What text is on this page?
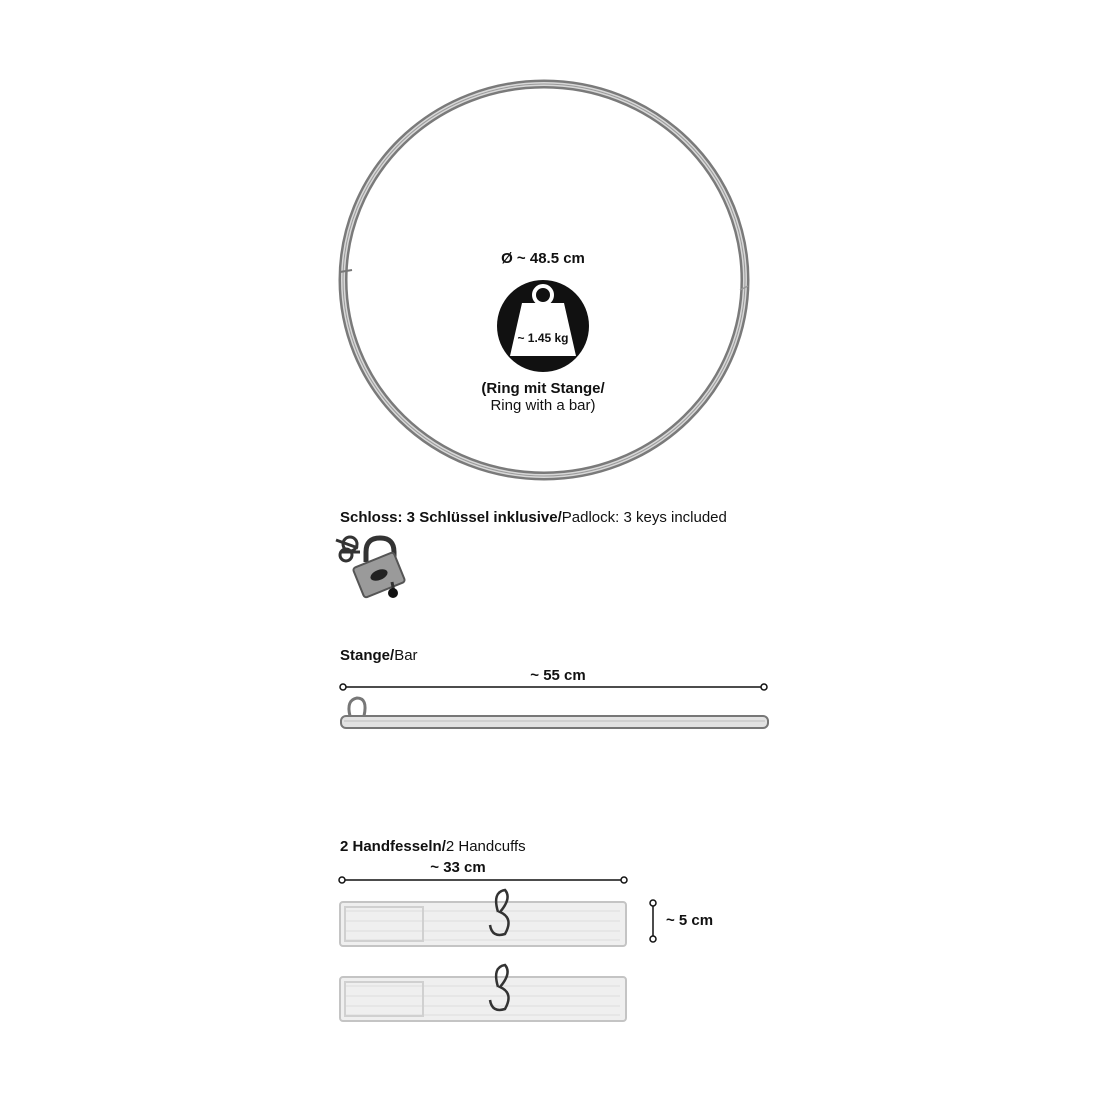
Ø ~ 48.5 cm
~ 1.45 kg
(Ring mit Stange/
Ring with a bar)
Schloss: 3 Schlüssel inklusive/Padlock: 3 keys included
Stange/Bar
~ 55 cm
2 Handfesseln/2 Handcuffs
~ 33 cm
~ 5 cm
